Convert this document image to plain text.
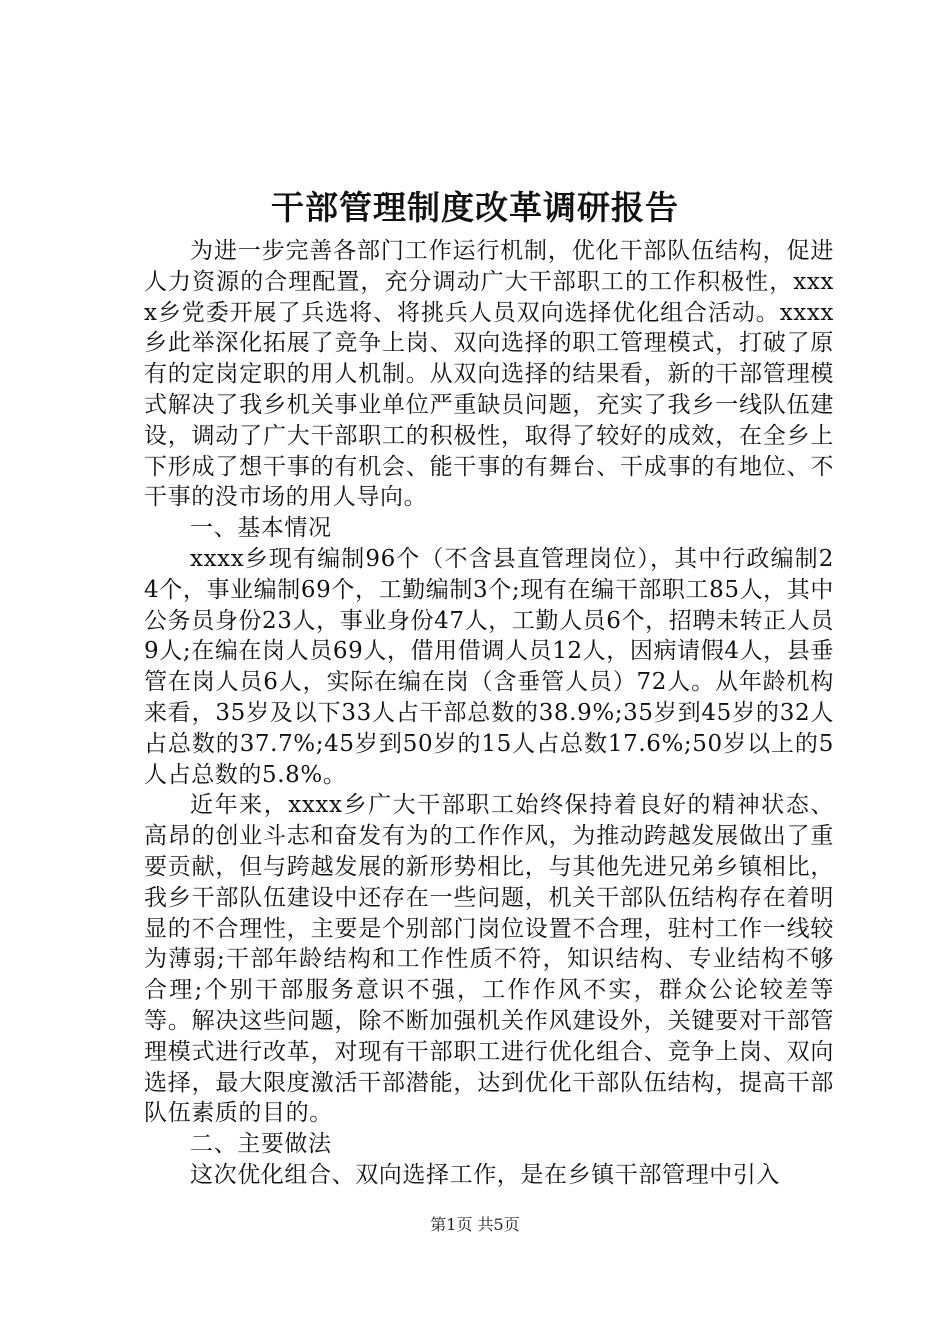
干部管理制度改革调研报告

为进一步完善各部门工作运行机制，优化干部队伍结构，促进人力资源的合理配置，充分调动广大干部职工的工作积极性，xxxx乡党委开展了兵选将、将挑兵人员双向选择优化组合活动。xxxx乡此举深化拓展了竞争上岗、双向选择的职工管理模式，打破了原有的定岗定职的用人机制。从双向选择的结果看，新的干部管理模式解决了我乡机关事业单位严重缺员问题，充实了我乡一线队伍建设，调动了广大干部职工的积极性，取得了较好的成效，在全乡上下形成了想干事的有机会、能干事的有舞台、干成事的有地位、不干事的没市场的用人导向。

一、基本情况

xxxx乡现有编制96个（不含县直管理岗位），其中行政编制24个，事业编制69个，工勤编制3个;现有在编干部职工85人，其中公务员身份23人，事业身份47人，工勤人员6个，招聘未转正人员9人;在编在岗人员69人，借用借调人员12人，因病请假4人，县垂管在岗人员6人，实际在编在岗（含垂管人员）72人。从年龄机构来看，35岁及以下33人占干部总数的38.9%;35岁到45岁的32人占总数的37.7%;45岁到50岁的15人占总数17.6%;50岁以上的5人占总数的5.8%。

近年来，xxxx乡广大干部职工始终保持着良好的精神状态、高昂的创业斗志和奋发有为的工作作风，为推动跨越发展做出了重要贡献，但与跨越发展的新形势相比，与其他先进兄弟乡镇相比，我乡干部队伍建设中还存在一些问题，机关干部队伍结构存在着明显的不合理性，主要是个别部门岗位设置不合理，驻村工作一线较为薄弱;干部年龄结构和工作性质不符，知识结构、专业结构不够合理;个别干部服务意识不强，工作作风不实，群众公论较差等等。解决这些问题，除不断加强机关作风建设外，关键要对干部管理模式进行改革，对现有干部职工进行优化组合、竞争上岗、双向选择，最大限度激活干部潜能，达到优化干部队伍结构，提高干部队伍素质的目的。

二、主要做法

这次优化组合、双向选择工作，是在乡镇干部管理中引入

第1页 共5页
